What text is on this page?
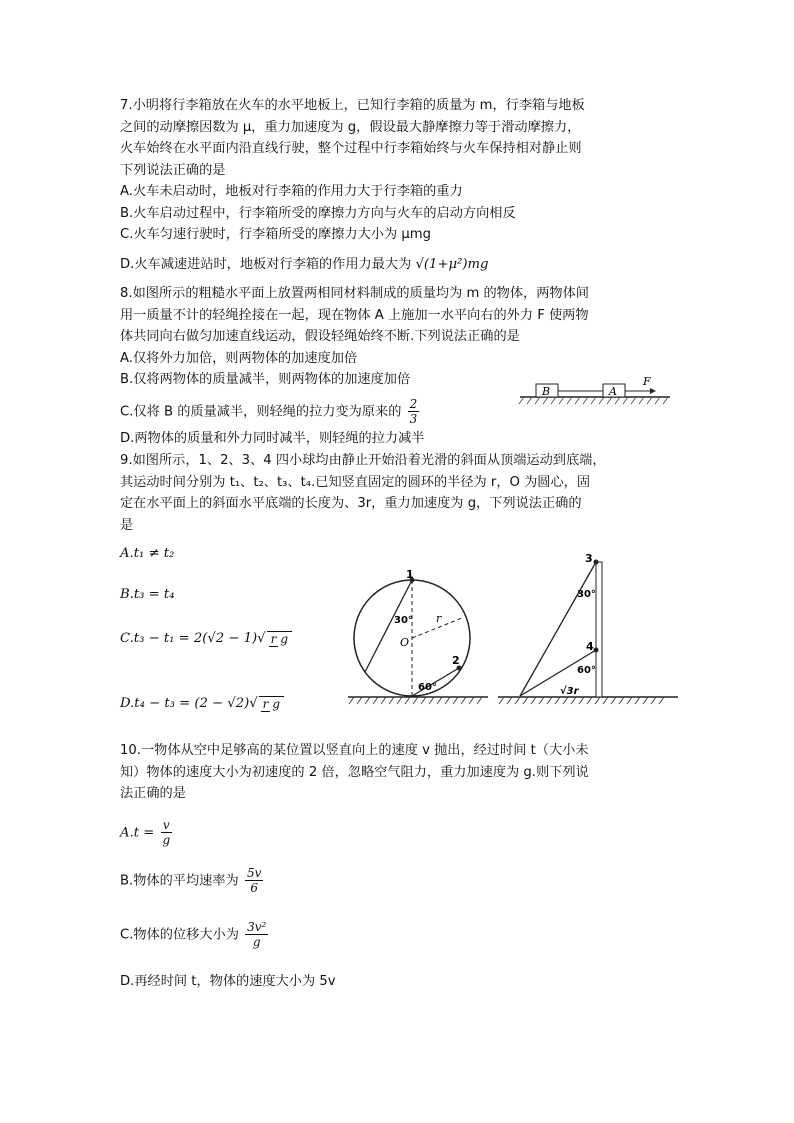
7.小明将行李箱放在火车的水平地板上，已知行李箱的质量为 m，行李箱与地板
之间的动摩擦因数为 μ，重力加速度为 g，假设最大静摩擦力等于滑动摩擦力，
火车始终在水平面内沿直线行驶，整个过程中行李箱始终与火车保持相对静止则
下列说法正确的是
A.火车未启动时，地板对行李箱的作用力大于行李箱的重力
B.火车启动过程中，行李箱所受的摩擦力方向与火车的启动方向相反
C.火车匀速行驶时，行李箱所受的摩擦力大小为 μmg
D.火车减速进站时，地板对行李箱的作用力最大为 √(1+μ²)mg
8.如图所示的粗糙水平面上放置两相同材料制成的质量均为 m 的物体，两物体间
用一质量不计的轻绳拴接在一起，现在物体 A 上施加一水平向右的外力 F 使两物
体共同向右做匀加速直线运动，假设轻绳始终不断.下列说法正确的是
A.仅将外力加倍，则两物体的加速度加倍
B.仅将两物体的质量减半，则两物体的加速度加倍
C.仅将 B 的质量减半，则轻绳的拉力变为原来的 $\frac{2}{3}$
D.两物体的质量和外力同时减半，则轻绳的拉力减半
B	A
F
9.如图所示，1、2、3、4 四小球均由静止开始沿着光滑的斜面从顶端运动到底端，
其运动时间分别为 t₁、t₂、t₃、t₄.已知竖直固定的圆环的半径为 r，O 为圆心，固
定在水平面上的斜面水平底端的长度为、3r，重力加速度为 g，下列说法正确的
是
A.t₁ ≠ t₂
B.t₃ = t₄
C.t₃ − t₁ = 2(√2 − 1)√ r g
D.t₄ − t₃ = (2 − √2)√ r g
1
2
O
r
30°
60°
3
4
30°
60°
√3r
10.一物体从空中足够高的某位置以竖直向上的速度 v 抛出，经过时间 t（大小未
知）物体的速度大小为初速度的 2 倍，忽略空气阻力，重力加速度为 g.则下列说
法正确的是
$A.t = \frac{v}{g}$
B.物体的平均速率为 $\frac{5v}{6}$
C.物体的位移大小为 $\frac{\text{3v²}}{g}$
D.再经时间 t，物体的速度大小为 5v
